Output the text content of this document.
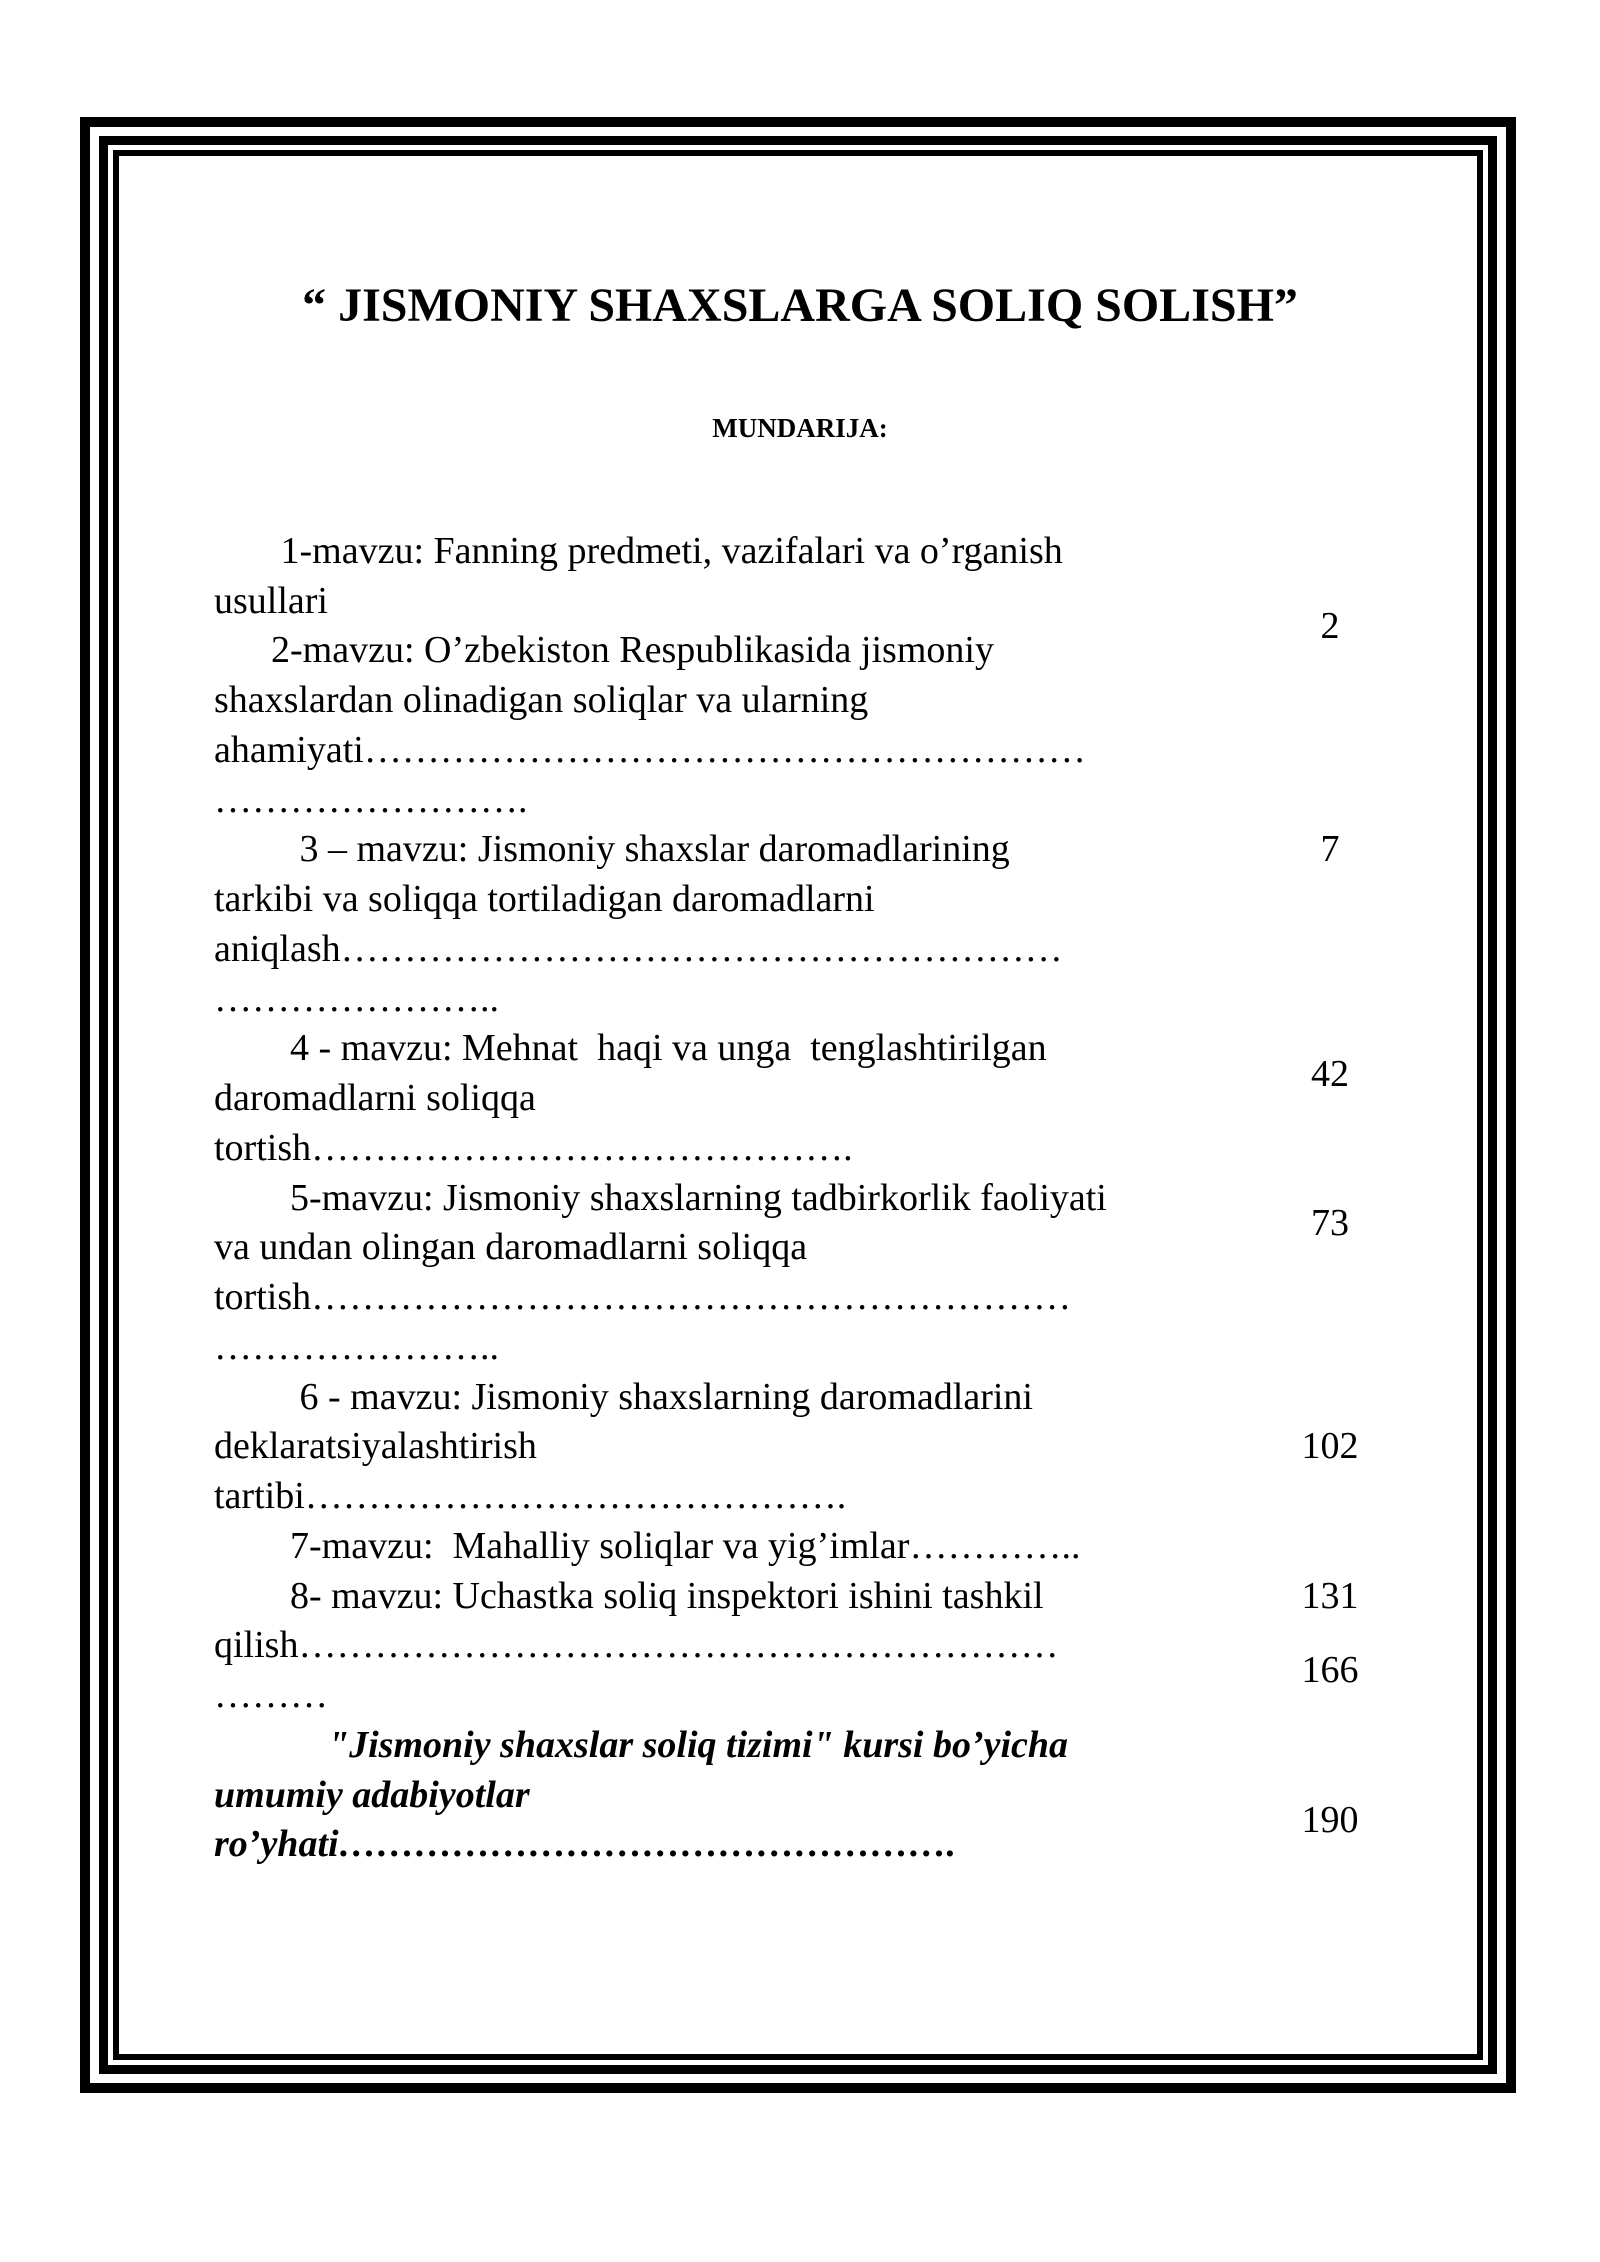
“ JISMONIY SHAXSLARGA SOLIQ SOLISH”
MUNDARIJA:
1-mavzu: Fanning predmeti, vazifalari va o’rganish
usullari
2-mavzu: O’zbekiston Respublikasida jismoniy
shaxslardan olinadigan soliqlar va ularning
ahamiyati…………………………………………………
…………………….
3 – mavzu: Jismoniy shaxslar daromadlarining
tarkibi va soliqqa tortiladigan daromadlarni
aniqlash…………………………………………………
…………………..
4 - mavzu: Mehnat  haqi va unga  tenglashtirilgan
daromadlarni soliqqa
tortish…………………………………….
5-mavzu: Jismoniy shaxslarning tadbirkorlik faoliyati
va undan olingan daromadlarni soliqqa
tortish……………………………………………………
…………………..
6 - mavzu: Jismoniy shaxslarning daromadlarini
deklaratsiyalashtirish
tartibi…………………………………….
7-mavzu:  Mahalliy soliqlar va yig’imlar…………..
8- mavzu: Uchastka soliq inspektori ishini tashkil
qilish……………………………………………………
………
"Jismoniy shaxslar soliq tizimi" kursi bo’yicha
umumiy adabiyotlar
ro’yhati………………………………………….
2
7
42
73
102
131
166
190
